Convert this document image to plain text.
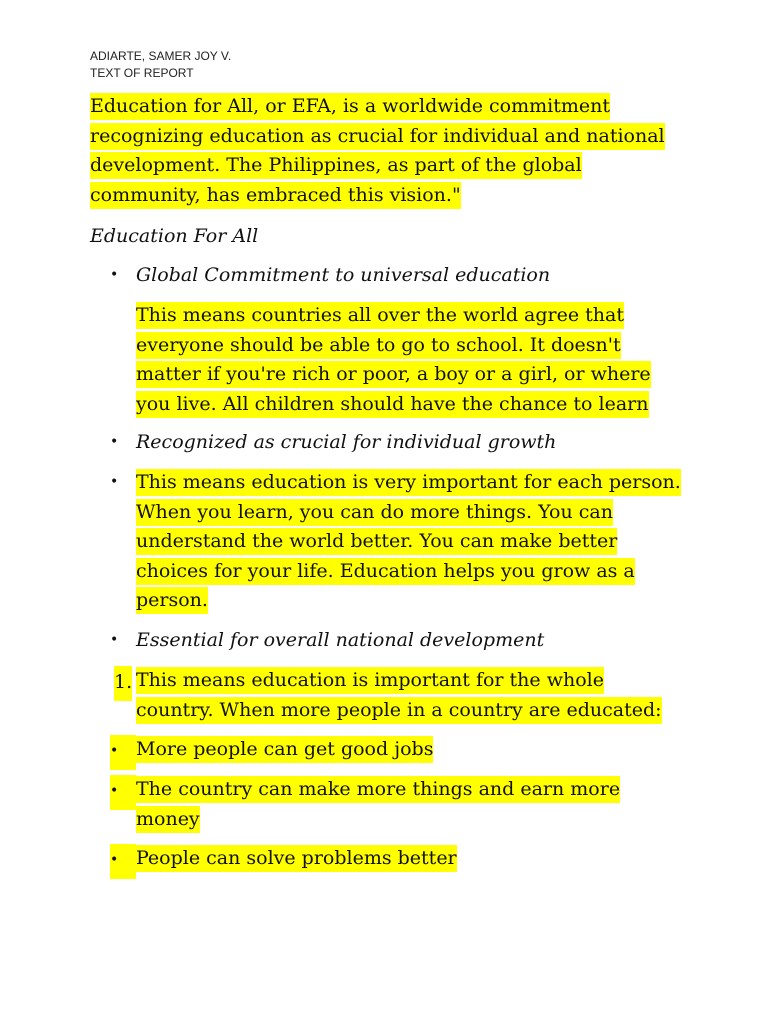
ADIARTE, SAMER JOY V.
TEXT OF REPORT

Education for All, or EFA, is a worldwide commitment
recognizing education as crucial for individual and national
development. The Philippines, as part of the global
community, has embraced this vision."

Education For All

• Global Commitment to universal education

This means countries all over the world agree that
everyone should be able to go to school. It doesn't
matter if you're rich or poor, a boy or a girl, or where
you live. All children should have the chance to learn

• Recognized as crucial for individual growth
• This means education is very important for each person.
When you learn, you can do more things. You can
understand the world better. You can make better
choices for your life. Education helps you grow as a
person.
• Essential for overall national development
1. This means education is important for the whole
country. When more people in a country are educated:
• More people can get good jobs
• The country can make more things and earn more
money
• People can solve problems better
